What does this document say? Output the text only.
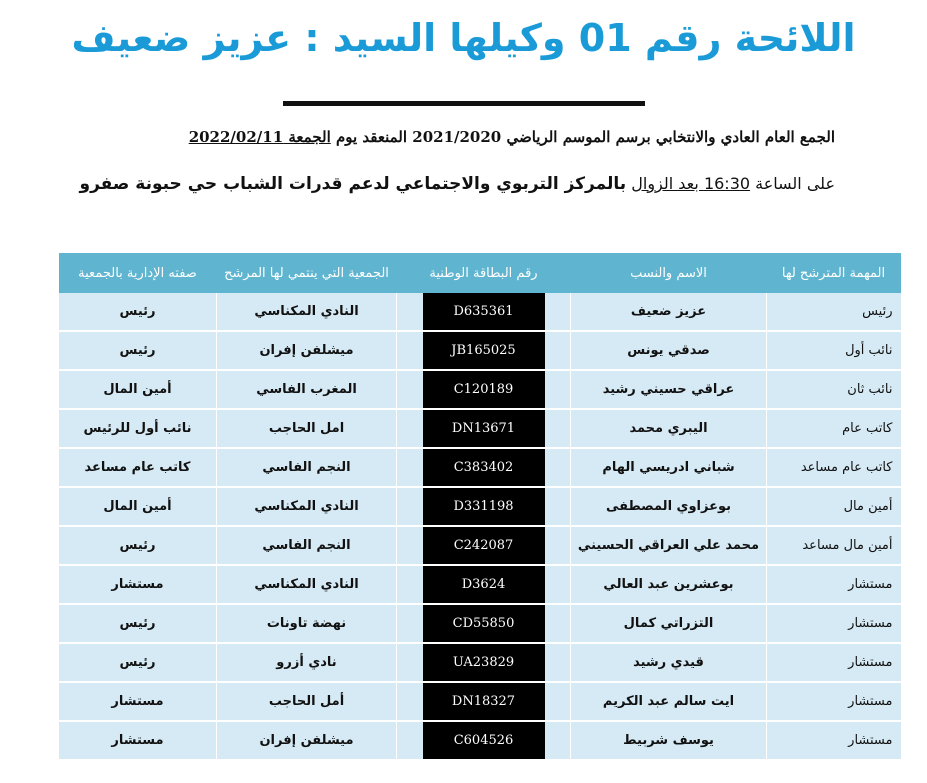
اللائحة رقم 01 وكيلها السيد : عزيز ضعيف
الجمع العام العادي والانتخابي برسم الموسم الرياضي 2021/2020 المنعقد يوم الجمعة 2022/02/11
على الساعة 16:30 بعد الزوال بالمركز التربوي والاجتماعي لدعم قدرات الشباب حي حبونة صفرو
المهمة المترشح لها	الاسم والنسب	رقم البطاقة الوطنية	الجمعية التي ينتمي لها المرشح	صفته الإدارية بالجمعية
رئيس	عزيز ضعيف	D635361	النادي المكناسي	رئيس
نائب أول	صدقي يونس	JB165025	ميشلفن إفران	رئيس
نائب ثان	عراقي حسيني رشيد	C120189	المغرب الفاسي	أمين المال
كاتب عام	اليبري محمد	DN13671	امل الحاجب	نائب أول للرئيس
كاتب عام مساعد	شباني ادريسي الهام	C383402	النجم الفاسي	كاتب عام مساعد
أمين مال	بوعزاوي المصطفى	D331198	النادي المكناسي	أمين المال
أمين مال مساعد	محمد علي العراقي الحسيني	C242087	النجم الفاسي	رئيس
مستشار	بوعشرين عبد العالي	D3624	النادي المكناسي	مستشار
مستشار	التزراتي كمال	CD55850	نهضة تاونات	رئيس
مستشار	قيدي رشيد	UA23829	نادي أزرو	رئيس
مستشار	ايت سالم عبد الكريم	DN18327	أمل الحاجب	مستشار
مستشار	يوسف شربيط	C604526	ميشلفن إفران	مستشار
